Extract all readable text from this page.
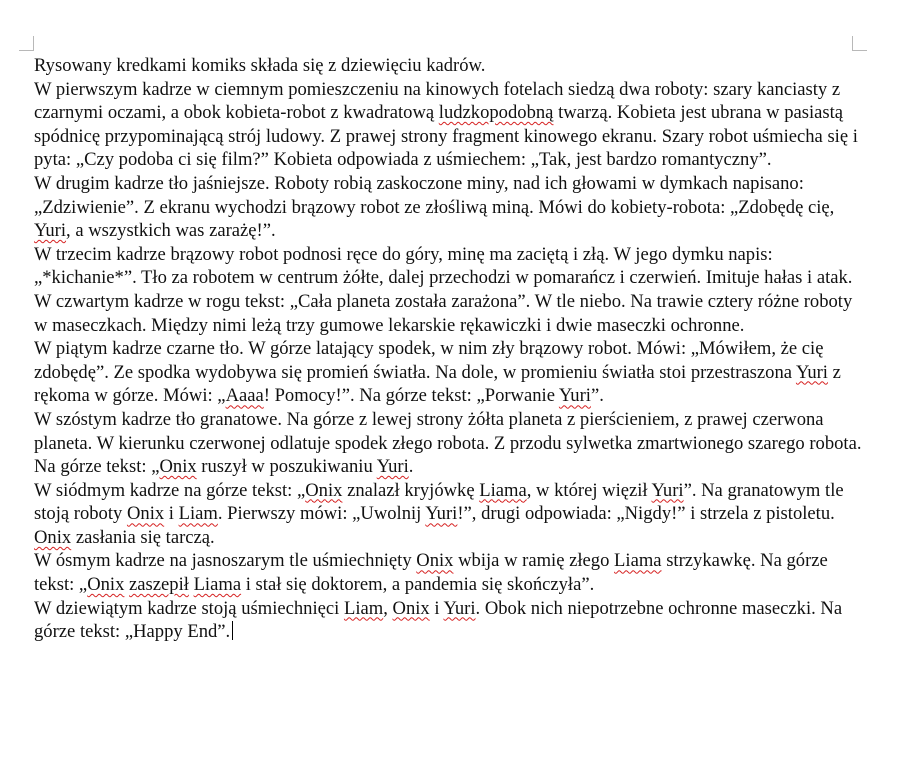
Rysowany kredkami komiks składa się z dziewięciu kadrów.

W pierwszym kadrze w ciemnym pomieszczeniu na kinowych fotelach siedzą dwa roboty: szary kanciasty z czarnymi oczami, a obok kobieta-robot z kwadratową ludzkopodobną twarzą. Kobieta jest ubrana w pasiastą spódnicę przypominającą strój ludowy. Z prawej strony fragment kinowego ekranu. Szary robot uśmiecha się i pyta: „Czy podoba ci się film?” Kobieta odpowiada z uśmiechem: „Tak, jest bardzo romantyczny”.

W drugim kadrze tło jaśniejsze. Roboty robią zaskoczone miny, nad ich głowami w dymkach napisano: „Zdziwienie”. Z ekranu wychodzi brązowy robot ze złośliwą miną. Mówi do kobiety-robota: „Zdobędę cię, Yuri, a wszystkich was zarażę!”.

W trzecim kadrze brązowy robot podnosi ręce do góry, minę ma zaciętą i złą. W jego dymku napis: „*kichanie*”. Tło za robotem w centrum żółte, dalej przechodzi w pomarańcz i czerwień. Imituje hałas i atak.

W czwartym kadrze w rogu tekst: „Cała planeta została zarażona”. W tle niebo. Na trawie cztery różne roboty w maseczkach. Między nimi leżą trzy gumowe lekarskie rękawiczki i dwie maseczki ochronne.

W piątym kadrze czarne tło. W górze latający spodek, w nim zły brązowy robot. Mówi: „Mówiłem, że cię zdobędę”. Ze spodka wydobywa się promień światła. Na dole, w promieniu światła stoi przestraszona Yuri z rękoma w górze. Mówi: „Aaaa! Pomocy!”. Na górze tekst: „Porwanie Yuri”.

W szóstym kadrze tło granatowe. Na górze z lewej strony żółta planeta z pierścieniem, z prawej czerwona planeta. W kierunku czerwonej odlatuje spodek złego robota. Z przodu sylwetka zmartwionego szarego robota. Na górze tekst: „Onix ruszył w poszukiwaniu Yuri.

W siódmym kadrze na górze tekst: „Onix znalazł kryjówkę Liama, w której więził Yuri”. Na granatowym tle stoją roboty Onix i Liam. Pierwszy mówi: „Uwolnij Yuri!”, drugi odpowiada: „Nigdy!” i strzela z pistoletu. Onix zasłania się tarczą.

W ósmym kadrze na jasnoszarym tle uśmiechnięty Onix wbija w ramię złego Liama strzykawkę. Na górze tekst: „Onix zaszepił Liama i stał się doktorem, a pandemia się skończyła”.

W dziewiątym kadrze stoją uśmiechnięci Liam, Onix i Yuri. Obok nich niepotrzebne ochronne maseczki. Na górze tekst: „Happy End”.
